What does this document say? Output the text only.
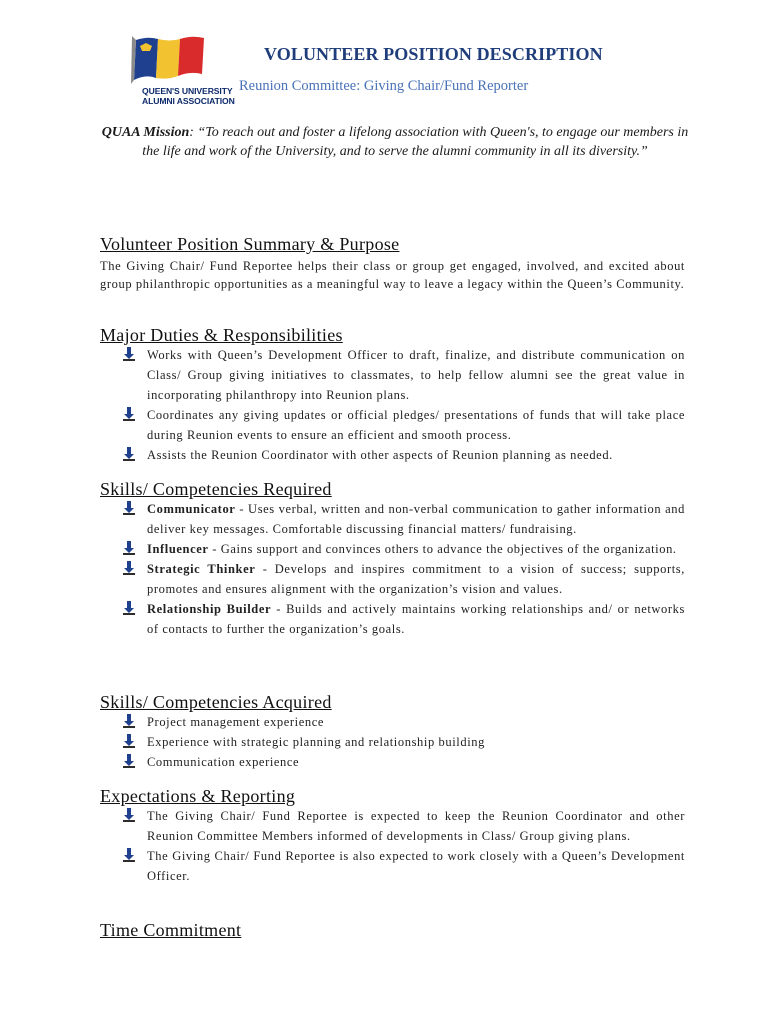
QUEEN'S UNIVERSITY
ALUMNI ASSOCIATION
VOLUNTEER POSITION DESCRIPTION
Reunion Committee: Giving Chair/Fund Reporter
QUAA Mission: “To reach out and foster a lifelong association with Queen's, to engage our members in the life and work of the University, and to serve the alumni community in all its diversity.”
Volunteer Position Summary & Purpose
The Giving Chair/ Fund Reportee helps their class or group get engaged, involved, and excited about group philanthropic opportunities as a meaningful way to leave a legacy within the Queen’s Community.
Major Duties & Responsibilities
Works with Queen’s Development Officer to draft, finalize, and distribute communication on Class/ Group giving initiatives to classmates, to help fellow alumni see the great value in incorporating philanthropy into Reunion plans.
Coordinates any giving updates or official pledges/ presentations of funds that will take place during Reunion events to ensure an efficient and smooth process.
Assists the Reunion Coordinator with other aspects of Reunion planning as needed.
Skills/ Competencies Required
Communicator - Uses verbal, written and non-verbal communication to gather information and deliver key messages. Comfortable discussing financial matters/ fundraising.
Influencer - Gains support and convinces others to advance the objectives of the organization.
Strategic Thinker - Develops and inspires commitment to a vision of success; supports, promotes and ensures alignment with the organization’s vision and values.
Relationship Builder - Builds and actively maintains working relationships and/ or networks of contacts to further the organization’s goals.
Skills/ Competencies Acquired
Project management experience
Experience with strategic planning and relationship building
Communication experience
Expectations & Reporting
The Giving Chair/ Fund Reportee is expected to keep the Reunion Coordinator and other Reunion Committee Members informed of developments in Class/ Group giving plans.
The Giving Chair/ Fund Reportee is also expected to work closely with a Queen’s Development Officer.
Time Commitment
